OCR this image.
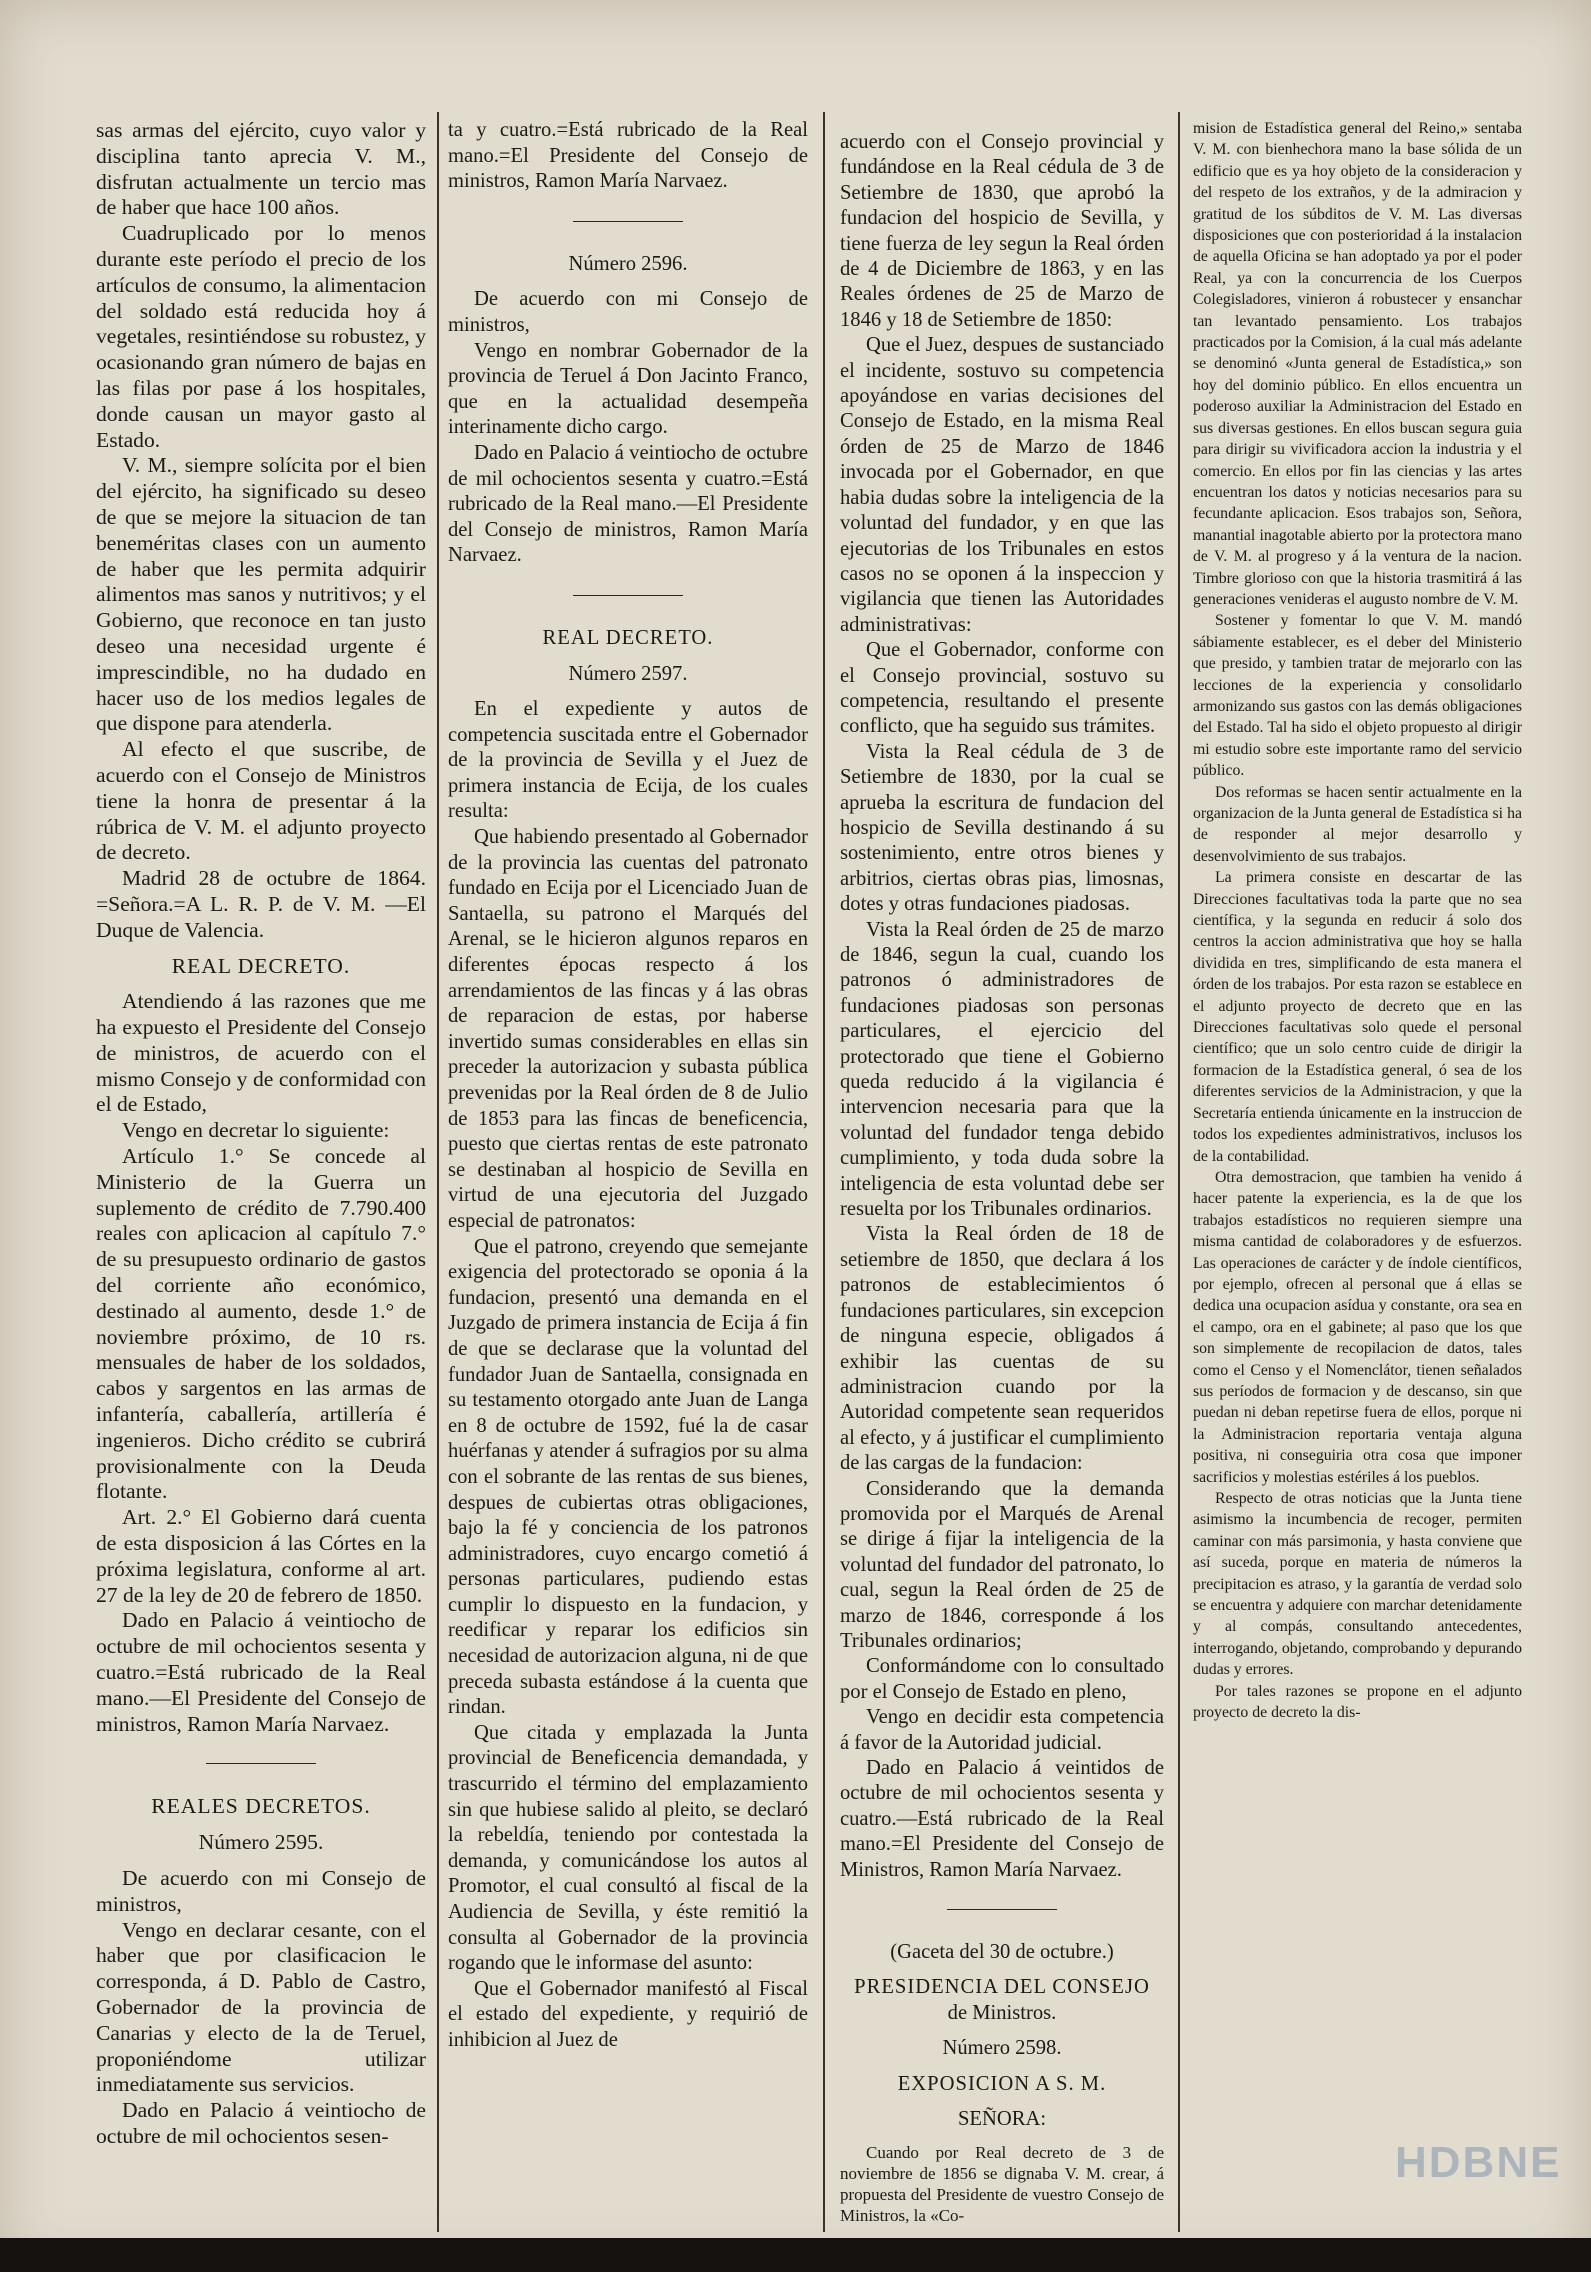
sas armas del ejército, cuyo valor y disciplina tanto aprecia V. M., disfrutan actualmente un tercio mas de haber que hace 100 años.

Cuadruplicado por lo menos durante este período el precio de los artículos de consumo, la alimentacion del soldado está reducida hoy á vegetales, resintiéndose su robustez, y ocasionando gran número de bajas en las filas por pase á los hospitales, donde causan un mayor gasto al Estado.

V. M., siempre solícita por el bien del ejército, ha significado su deseo de que se mejore la situacion de tan beneméritas clases con un aumento de haber que les permita adquirir alimentos mas sanos y nutritivos; y el Gobierno, que reconoce en tan justo deseo una necesidad urgente é imprescindible, no ha dudado en hacer uso de los medios legales de que dispone para atenderla.

Al efecto el que suscribe, de acuerdo con el Consejo de Ministros tiene la honra de presentar á la rúbrica de V. M. el adjunto proyecto de decreto.

Madrid 28 de octubre de 1864. =Señora.=A L. R. P. de V. M. —El Duque de Valencia.

REAL DECRETO.

Atendiendo á las razones que me ha expuesto el Presidente del Consejo de ministros, de acuerdo con el mismo Consejo y de conformidad con el de Estado,

Vengo en decretar lo siguiente:

Artículo 1.° Se concede al Ministerio de la Guerra un suplemento de crédito de 7.790.400 reales con aplicacion al capítulo 7.° de su presupuesto ordinario de gastos del corriente año económico, destinado al aumento, desde 1.° de noviembre próximo, de 10 rs. mensuales de haber de los soldados, cabos y sargentos en las armas de infantería, caballería, artillería é ingenieros. Dicho crédito se cubrirá provisionalmente con la Deuda flotante.

Art. 2.° El Gobierno dará cuenta de esta disposicion á las Córtes en la próxima legislatura, conforme al art. 27 de la ley de 20 de febrero de 1850.

Dado en Palacio á veintiocho de octubre de mil ochocientos sesenta y cuatro.=Está rubricado de la Real mano.—El Presidente del Consejo de ministros, Ramon María Narvaez.

REALES DECRETOS.

Número 2595.

De acuerdo con mi Consejo de ministros,

Vengo en declarar cesante, con el haber que por clasificacion le corresponda, á D. Pablo de Castro, Gobernador de la provincia de Canarias y electo de la de Teruel, proponiéndome utilizar inmediatamente sus servicios.

Dado en Palacio á veintiocho de octubre de mil ochocientos sesen-

ta y cuatro.=Está rubricado de la Real mano.=El Presidente del Consejo de ministros, Ramon María Narvaez.

Número 2596.

De acuerdo con mi Consejo de ministros,

Vengo en nombrar Gobernador de la provincia de Teruel á Don Jacinto Franco, que en la actualidad desempeña interinamente dicho cargo.

Dado en Palacio á veintiocho de octubre de mil ochocientos sesenta y cuatro.=Está rubricado de la Real mano.—El Presidente del Consejo de ministros, Ramon María Narvaez.

REAL DECRETO.

Número 2597.

En el expediente y autos de competencia suscitada entre el Gobernador de la provincia de Sevilla y el Juez de primera instancia de Ecija, de los cuales resulta:

Que habiendo presentado al Gobernador de la provincia las cuentas del patronato fundado en Ecija por el Licenciado Juan de Santaella, su patrono el Marqués del Arenal, se le hicieron algunos reparos en diferentes épocas respecto á los arrendamientos de las fincas y á las obras de reparacion de estas, por haberse invertido sumas considerables en ellas sin preceder la autorizacion y subasta pública prevenidas por la Real órden de 8 de Julio de 1853 para las fincas de beneficencia, puesto que ciertas rentas de este patronato se destinaban al hospicio de Sevilla en virtud de una ejecutoria del Juzgado especial de patronatos:

Que el patrono, creyendo que semejante exigencia del protectorado se oponia á la fundacion, presentó una demanda en el Juzgado de primera instancia de Ecija á fin de que se declarase que la voluntad del fundador Juan de Santaella, consignada en su testamento otorgado ante Juan de Langa en 8 de octubre de 1592, fué la de casar huérfanas y atender á sufragios por su alma con el sobrante de las rentas de sus bienes, despues de cubiertas otras obligaciones, bajo la fé y conciencia de los patronos administradores, cuyo encargo cometió á personas particulares, pudiendo estas cumplir lo dispuesto en la fundacion, y reedificar y reparar los edificios sin necesidad de autorizacion alguna, ni de que preceda subasta estándose á la cuenta que rindan.

Que citada y emplazada la Junta provincial de Beneficencia demandada, y trascurrido el término del emplazamiento sin que hubiese salido al pleito, se declaró la rebeldía, teniendo por contestada la demanda, y comunicándose los autos al Promotor, el cual consultó al fiscal de la Audiencia de Sevilla, y éste remitió la consulta al Gobernador de la provincia rogando que le informase del asunto:

Que el Gobernador manifestó al Fiscal el estado del expediente, y requirió de inhibicion al Juez de

acuerdo con el Consejo provincial y fundándose en la Real cédula de 3 de Setiembre de 1830, que aprobó la fundacion del hospicio de Sevilla, y tiene fuerza de ley segun la Real órden de 4 de Diciembre de 1863, y en las Reales órdenes de 25 de Marzo de 1846 y 18 de Setiembre de 1850:

Que el Juez, despues de sustanciado el incidente, sostuvo su competencia apoyándose en varias decisiones del Consejo de Estado, en la misma Real órden de 25 de Marzo de 1846 invocada por el Gobernador, en que habia dudas sobre la inteligencia de la voluntad del fundador, y en que las ejecutorias de los Tribunales en estos casos no se oponen á la inspeccion y vigilancia que tienen las Autoridades administrativas:

Que el Gobernador, conforme con el Consejo provincial, sostuvo su competencia, resultando el presente conflicto, que ha seguido sus trámites.

Vista la Real cédula de 3 de Setiembre de 1830, por la cual se aprueba la escritura de fundacion del hospicio de Sevilla destinando á su sostenimiento, entre otros bienes y arbitrios, ciertas obras pias, limosnas, dotes y otras fundaciones piadosas.

Vista la Real órden de 25 de marzo de 1846, segun la cual, cuando los patronos ó administradores de fundaciones piadosas son personas particulares, el ejercicio del protectorado que tiene el Gobierno queda reducido á la vigilancia é intervencion necesaria para que la voluntad del fundador tenga debido cumplimiento, y toda duda sobre la inteligencia de esta voluntad debe ser resuelta por los Tribunales ordinarios.

Vista la Real órden de 18 de setiembre de 1850, que declara á los patronos de establecimientos ó fundaciones particulares, sin excepcion de ninguna especie, obligados á exhibir las cuentas de su administracion cuando por la Autoridad competente sean requeridos al efecto, y á justificar el cumplimiento de las cargas de la fundacion:

Considerando que la demanda promovida por el Marqués de Arenal se dirige á fijar la inteligencia de la voluntad del fundador del patronato, lo cual, segun la Real órden de 25 de marzo de 1846, corresponde á los Tribunales ordinarios;

Conformándome con lo consultado por el Consejo de Estado en pleno,

Vengo en decidir esta competencia á favor de la Autoridad judicial.

Dado en Palacio á veintidos de octubre de mil ochocientos sesenta y cuatro.—Está rubricado de la Real mano.=El Presidente del Consejo de Ministros, Ramon María Narvaez.

(Gaceta del 30 de octubre.)

PRESIDENCIA DEL CONSEJO

de Ministros.

Número 2598.

EXPOSICION A S. M.

SEÑORA:

Cuando por Real decreto de 3 de noviembre de 1856 se dignaba V. M. crear, á propuesta del Presidente de vuestro Consejo de Ministros, la «Co-

mision de Estadística general del Reino,» sentaba V. M. con bienhechora mano la base sólida de un edificio que es ya hoy objeto de la consideracion y del respeto de los extraños, y de la admiracion y gratitud de los súbditos de V. M. Las diversas disposiciones que con posterioridad á la instalacion de aquella Oficina se han adoptado ya por el poder Real, ya con la concurrencia de los Cuerpos Colegisladores, vinieron á robustecer y ensanchar tan levantado pensamiento. Los trabajos practicados por la Comision, á la cual más adelante se denominó «Junta general de Estadística,» son hoy del dominio público. En ellos encuentra un poderoso auxiliar la Administracion del Estado en sus diversas gestiones. En ellos buscan segura guia para dirigir su vivificadora accion la industria y el comercio. En ellos por fin las ciencias y las artes encuentran los datos y noticias necesarios para su fecundante aplicacion. Esos trabajos son, Señora, manantial inagotable abierto por la protectora mano de V. M. al progreso y á la ventura de la nacion. Timbre glorioso con que la historia trasmitirá á las generaciones venideras el augusto nombre de V. M.

Sostener y fomentar lo que V. M. mandó sábiamente establecer, es el deber del Ministerio que presido, y tambien tratar de mejorarlo con las lecciones de la experiencia y consolidarlo armonizando sus gastos con las demás obligaciones del Estado. Tal ha sido el objeto propuesto al dirigir mi estudio sobre este importante ramo del servicio público.

Dos reformas se hacen sentir actualmente en la organizacion de la Junta general de Estadística si ha de responder al mejor desarrollo y desenvolvimiento de sus trabajos.

La primera consiste en descartar de las Direcciones facultativas toda la parte que no sea científica, y la segunda en reducir á solo dos centros la accion administrativa que hoy se halla dividida en tres, simplificando de esta manera el órden de los trabajos. Por esta razon se establece en el adjunto proyecto de decreto que en las Direcciones facultativas solo quede el personal científico; que un solo centro cuide de dirigir la formacion de la Estadística general, ó sea de los diferentes servicios de la Administracion, y que la Secretaría entienda únicamente en la instruccion de todos los expedientes administrativos, inclusos los de la contabilidad.

Otra demostracion, que tambien ha venido á hacer patente la experiencia, es la de que los trabajos estadísticos no requieren siempre una misma cantidad de colaboradores y de esfuerzos. Las operaciones de carácter y de índole científicos, por ejemplo, ofrecen al personal que á ellas se dedica una ocupacion asídua y constante, ora sea en el campo, ora en el gabinete; al paso que los que son simplemente de recopilacion de datos, tales como el Censo y el Nomenclátor, tienen señalados sus períodos de formacion y de descanso, sin que puedan ni deban repetirse fuera de ellos, porque ni la Administracion reportaria ventaja alguna positiva, ni conseguiria otra cosa que imponer sacrificios y molestias estériles á los pueblos.

Respecto de otras noticias que la Junta tiene asimismo la incumbencia de recoger, permiten caminar con más parsimonia, y hasta conviene que así suceda, porque en materia de números la precipitacion es atraso, y la garantía de verdad solo se encuentra y adquiere con marchar detenidamente y al compás, consultando antecedentes, interrogando, objetando, comprobando y depurando dudas y errores.

Por tales razones se propone en el adjunto proyecto de decreto la dis-

HDBNE
